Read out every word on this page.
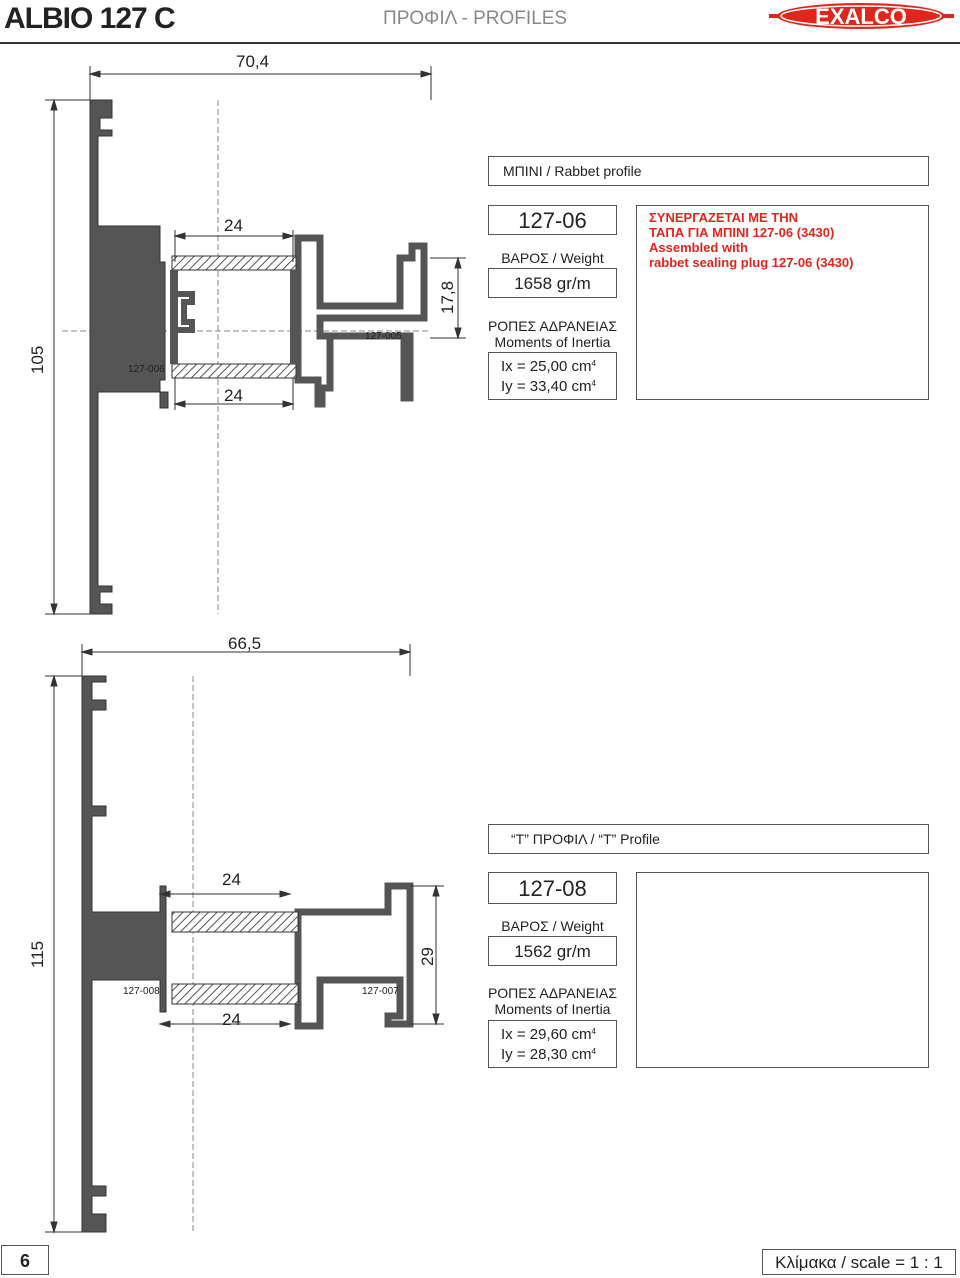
ALBIO 127 C	ΠΡΟΦΙΛ - PROFILES	EXALCO
70,4
105
24
24
17,8
127-006
127-005
ΜΠΙΝΙ / Rabbet profile
127-06
ΒΑΡΟΣ / Weight
1658 gr/m
ΡΟΠΕΣ ΑΔΡΑΝΕΙΑΣ
Moments of Inertia
Ix = 25,00 $cm^4$
Iy = 33,40 $cm^4$
ΣΥΝΕΡΓΑΖΕΤΑΙ ΜΕ ΤΗΝ
ΤΑΠΑ ΓΙΑ ΜΠΙΝΙ 127-06 (3430)
Assembled with
rabbet sealing plug 127-06 (3430)
66,5
115
24
24
29
127-008	127-007
“T” ΠΡΟΦΙΛ / “T” Profile
127-08
ΒΑΡΟΣ / Weight
1562 gr/m
ΡΟΠΕΣ ΑΔΡΑΝΕΙΑΣ
Moments of Inertia
Ix = 29,60 $cm^4$
Iy = 28,30 $cm^4$
6	Κλίμακα / scale = 1 : 1
